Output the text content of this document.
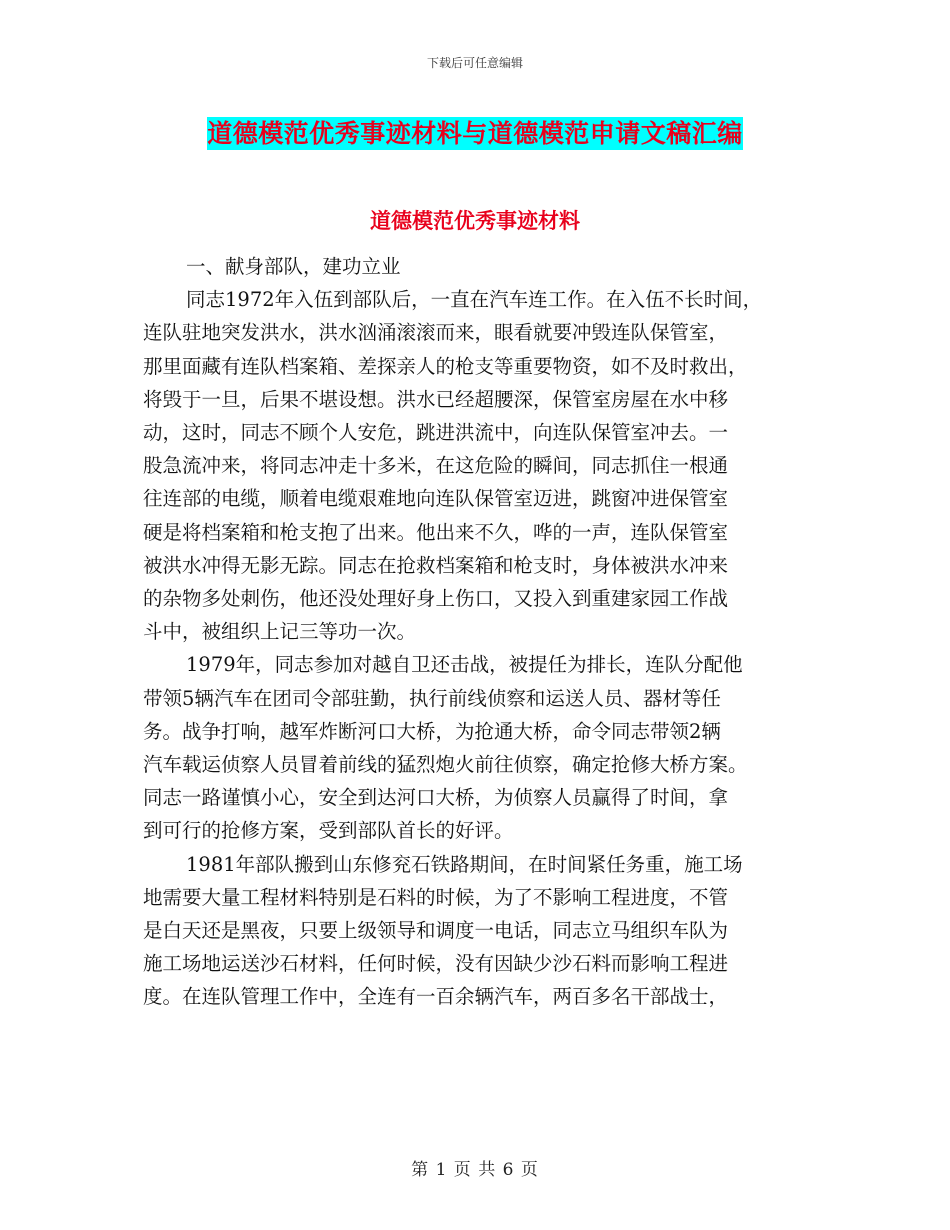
下载后可任意编辑
道德模范优秀事迹材料与道德模范申请文稿汇编
道德模范优秀事迹材料
一、献身部队，建功立业
同志1972年入伍到部队后，一直在汽车连工作。在入伍不长时间，
连队驻地突发洪水，洪水汹涌滚滚而来，眼看就要冲毁连队保管室，
那里面藏有连队档案箱、差探亲人的枪支等重要物资，如不及时救出，
将毁于一旦，后果不堪设想。洪水已经超腰深，保管室房屋在水中移
动，这时，同志不顾个人安危，跳进洪流中，向连队保管室冲去。一
股急流冲来，将同志冲走十多米，在这危险的瞬间，同志抓住一根通
往连部的电缆，顺着电缆艰难地向连队保管室迈进，跳窗冲进保管室
硬是将档案箱和枪支抱了出来。他出来不久，哗的一声，连队保管室
被洪水冲得无影无踪。同志在抢救档案箱和枪支时，身体被洪水冲来
的杂物多处刺伤，他还没处理好身上伤口，又投入到重建家园工作战
斗中，被组织上记三等功一次。
1979年，同志参加对越自卫还击战，被提任为排长，连队分配他
带领5辆汽车在团司令部驻勤，执行前线侦察和运送人员、器材等任
务。战争打响，越军炸断河口大桥，为抢通大桥，命令同志带领2辆
汽车载运侦察人员冒着前线的猛烈炮火前往侦察，确定抢修大桥方案。
同志一路谨慎小心，安全到达河口大桥，为侦察人员赢得了时间，拿
到可行的抢修方案，受到部队首长的好评。
1981年部队搬到山东修兖石铁路期间，在时间紧任务重，施工场
地需要大量工程材料特别是石料的时候，为了不影响工程进度，不管
是白天还是黑夜，只要上级领导和调度一电话，同志立马组织车队为
施工场地运送沙石材料，任何时候，没有因缺少沙石料而影响工程进
度。在连队管理工作中，全连有一百余辆汽车，两百多名干部战士，
第 1 页 共 6 页
